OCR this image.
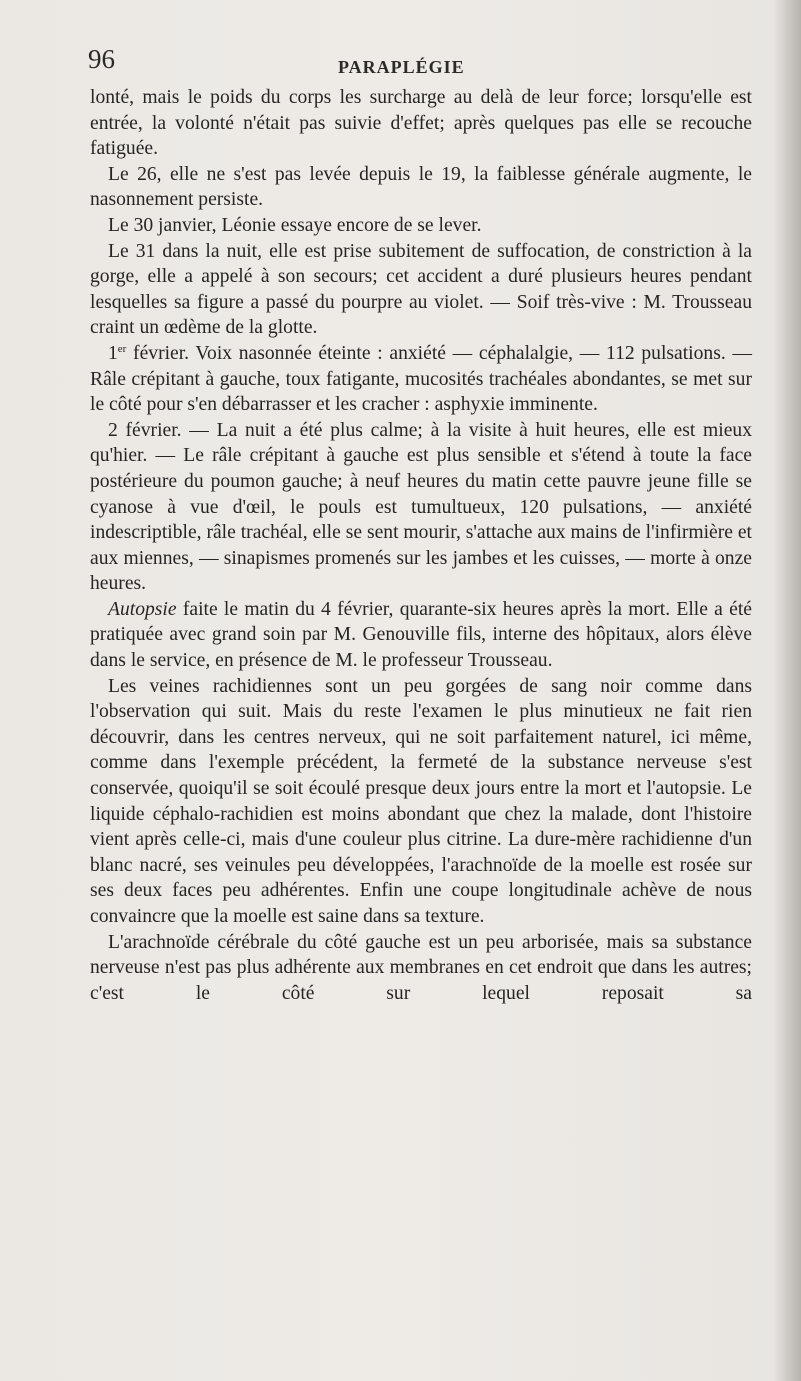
96	PARAPLÉGIE

lonté, mais le poids du corps les surcharge au delà de leur force; lorsqu'elle est entrée, la volonté n'était pas suivie d'effet; après quelques pas elle se recouche fatiguée.

Le 26, elle ne s'est pas levée depuis le 19, la faiblesse générale augmente, le nasonnement persiste.

Le 30 janvier, Léonie essaye encore de se lever.

Le 31 dans la nuit, elle est prise subitement de suffocation, de constriction à la gorge, elle a appelé à son secours; cet accident a duré plusieurs heures pendant lesquelles sa figure a passé du pourpre au violet. — Soif très-vive : M. Trousseau craint un œdème de la glotte.

1er février. Voix nasonnée éteinte : anxiété — céphalalgie, — 112 pulsations. — Râle crépitant à gauche, toux fatigante, mucosités trachéales abondantes, se met sur le côté pour s'en débarrasser et les cracher : asphyxie imminente.

2 février. — La nuit a été plus calme; à la visite à huit heures, elle est mieux qu'hier. — Le râle crépitant à gauche est plus sensible et s'étend à toute la face postérieure du poumon gauche; à neuf heures du matin cette pauvre jeune fille se cyanose à vue d'œil, le pouls est tumultueux, 120 pulsations, — anxiété indescriptible, râle trachéal, elle se sent mourir, s'attache aux mains de l'infirmière et aux miennes, — sinapismes promenés sur les jambes et les cuisses, — morte à onze heures.

Autopsie faite le matin du 4 février, quarante-six heures après la mort. Elle a été pratiquée avec grand soin par M. Genouville fils, interne des hôpitaux, alors élève dans le service, en présence de M. le professeur Trousseau.

Les veines rachidiennes sont un peu gorgées de sang noir comme dans l'observation qui suit. Mais du reste l'examen le plus minutieux ne fait rien découvrir, dans les centres nerveux, qui ne soit parfaitement naturel, ici même, comme dans l'exemple précédent, la fermeté de la substance nerveuse s'est conservée, quoiqu'il se soit écoulé presque deux jours entre la mort et l'autopsie. Le liquide céphalo-rachidien est moins abondant que chez la malade, dont l'histoire vient après celle-ci, mais d'une couleur plus citrine. La dure-mère rachidienne d'un blanc nacré, ses veinules peu développées, l'arachnoïde de la moelle est rosée sur ses deux faces peu adhérentes. Enfin une coupe longitudinale achève de nous convaincre que la moelle est saine dans sa texture.

L'arachnoïde cérébrale du côté gauche est un peu arborisée, mais sa substance nerveuse n'est pas plus adhérente aux membranes en cet endroit que dans les autres; c'est le côté sur lequel reposait sa
